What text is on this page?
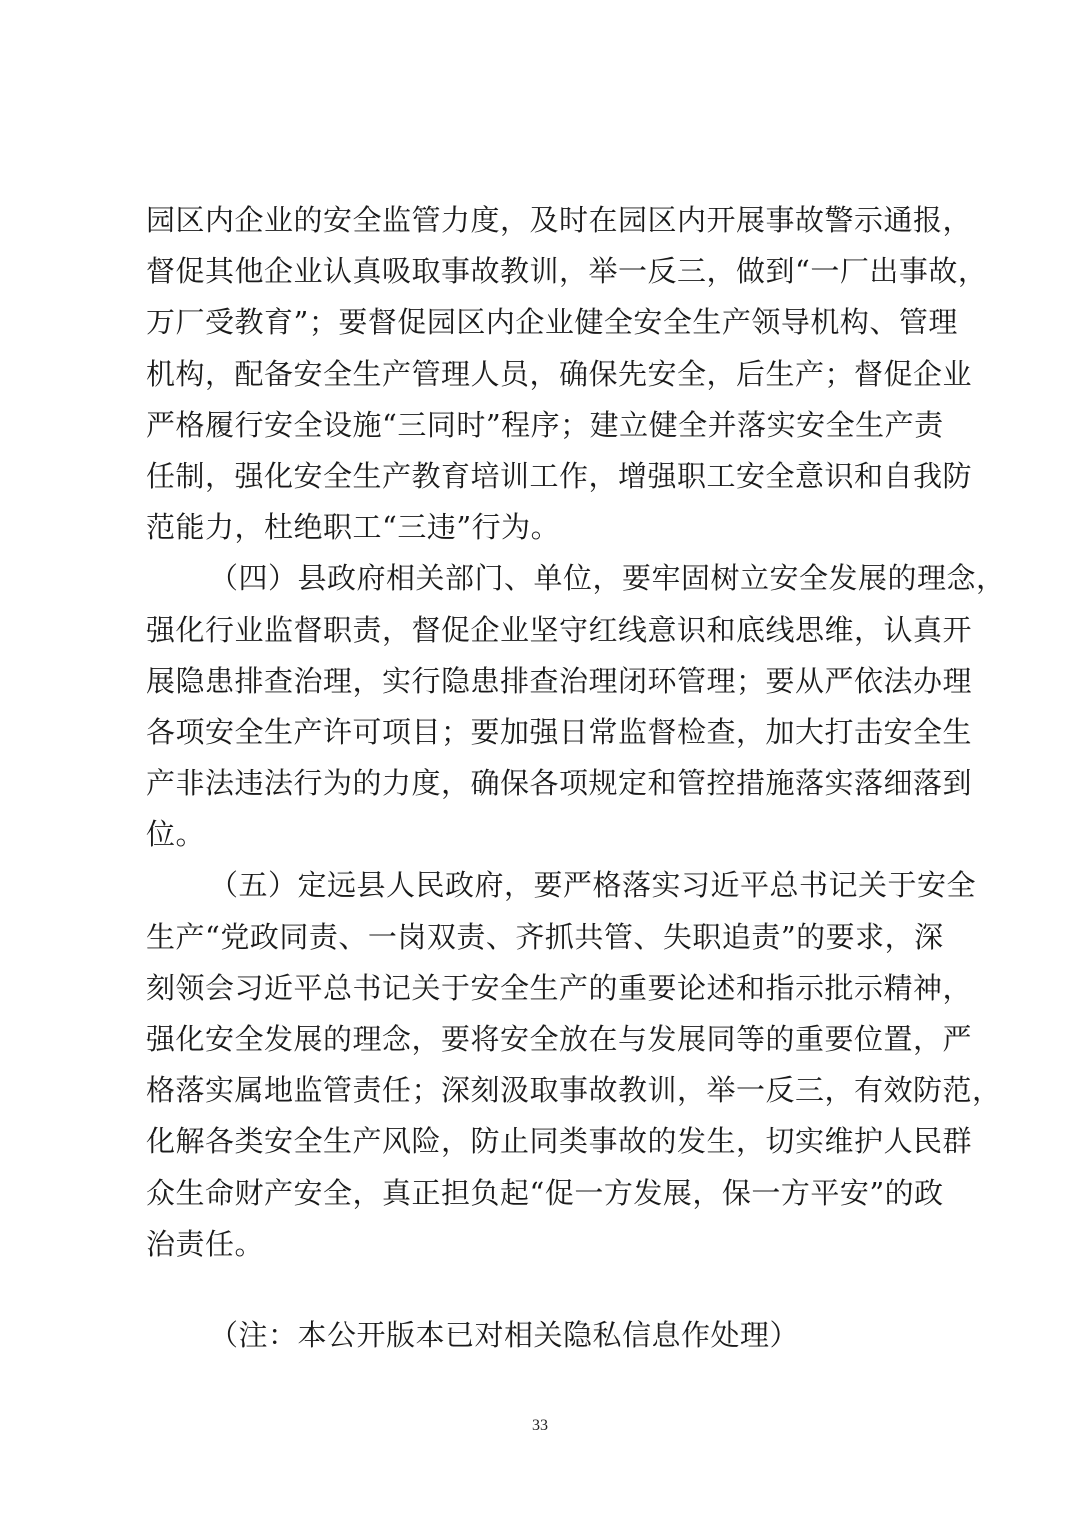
园区内企业的安全监管力度，及时在园区内开展事故警示通报，
督促其他企业认真吸取事故教训，举一反三，做到“一厂出事故，
万厂受教育”；要督促园区内企业健全安全生产领导机构、管理
机构，配备安全生产管理人员，确保先安全，后生产；督促企业
严格履行安全设施“三同时”程序；建立健全并落实安全生产责
任制，强化安全生产教育培训工作，增强职工安全意识和自我防
范能力，杜绝职工“三违”行为。
（四）县政府相关部门、单位，要牢固树立安全发展的理念，
强化行业监督职责，督促企业坚守红线意识和底线思维，认真开
展隐患排查治理，实行隐患排查治理闭环管理；要从严依法办理
各项安全生产许可项目；要加强日常监督检查，加大打击安全生
产非法违法行为的力度，确保各项规定和管控措施落实落细落到
位。
（五）定远县人民政府，要严格落实习近平总书记关于安全
生产“党政同责、一岗双责、齐抓共管、失职追责”的要求，深
刻领会习近平总书记关于安全生产的重要论述和指示批示精神，
强化安全发展的理念，要将安全放在与发展同等的重要位置，严
格落实属地监管责任；深刻汲取事故教训，举一反三，有效防范，
化解各类安全生产风险，防止同类事故的发生，切实维护人民群
众生命财产安全，真正担负起“促一方发展，保一方平安”的政
治责任。
（注：本公开版本已对相关隐私信息作处理）
33
